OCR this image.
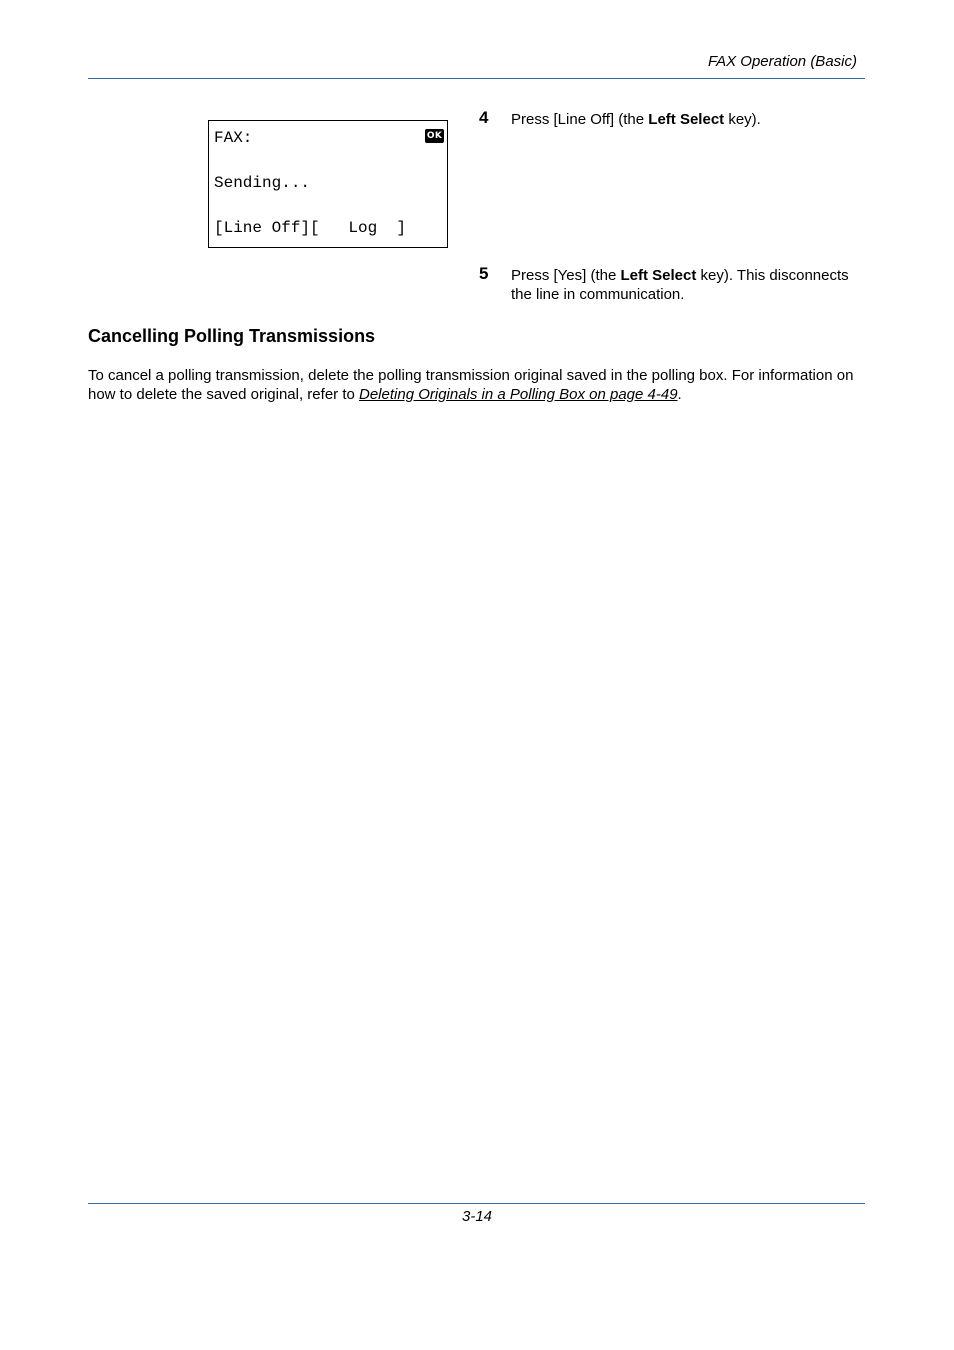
FAX Operation (Basic)
FAX:	OK
Sending...
[Line Off][   Log  ]
4 Press [Line Off] (the Left Select key).
5 Press [Yes] (the Left Select key). This disconnects the line in communication.
Cancelling Polling Transmissions
To cancel a polling transmission, delete the polling transmission original saved in the polling box. For information on how to delete the saved original, refer to Deleting Originals in a Polling Box on page 4-49.
3-14
